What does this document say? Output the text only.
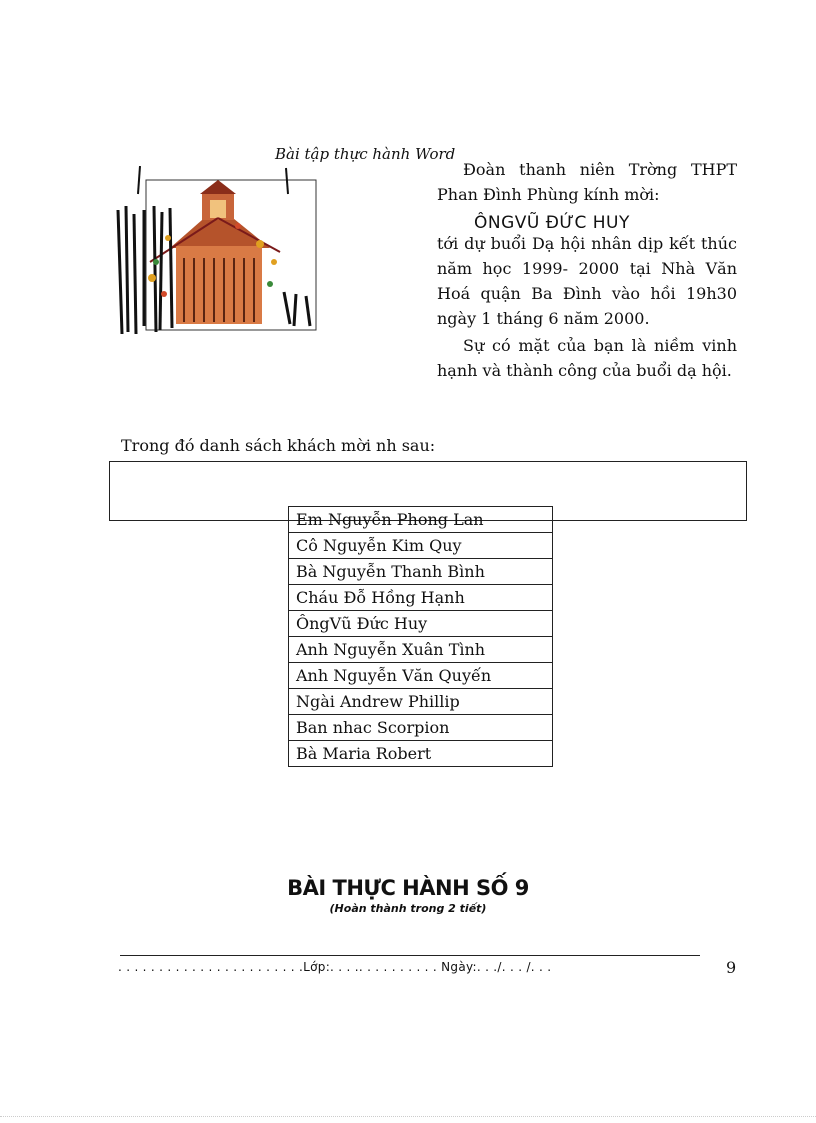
Bài tập thực hành Word
Đoàn thanh niên Trờng THPT Phan Đình Phùng kính mời:
ÔNGVŨ ĐỨC HUY
tới dự buổi Dạ hội nhân dịp kết thúc năm học 1999- 2000 tại Nhà Văn Hoá quận Ba Đình vào hồi 19h30 ngày 1 tháng 6 năm 2000.
Sự có mặt của bạn là niềm vinh hạnh và thành công của buổi dạ hội.
Trong đó danh sách khách mời nh sau:
Em Nguyễn Phong Lan
Cô Nguyễn Kim Quy
Bà Nguyễn Thanh Bình
Cháu Đỗ Hồng Hạnh
ÔngVũ Đức Huy
Anh Nguyễn Xuân Tình
Anh Nguyễn Văn Quyến
Ngài Andrew Phillip
Ban nhac Scorpion
Bà Maria Robert
BÀI THỰC HÀNH SỐ 9
(Hoàn thành trong 2 tiết)
. . . . . . . . . . . . . . . . . . . . . . .Lớp:. . . .. . . . . . . . . . Ngày:. . ./. . . /. . .	9
